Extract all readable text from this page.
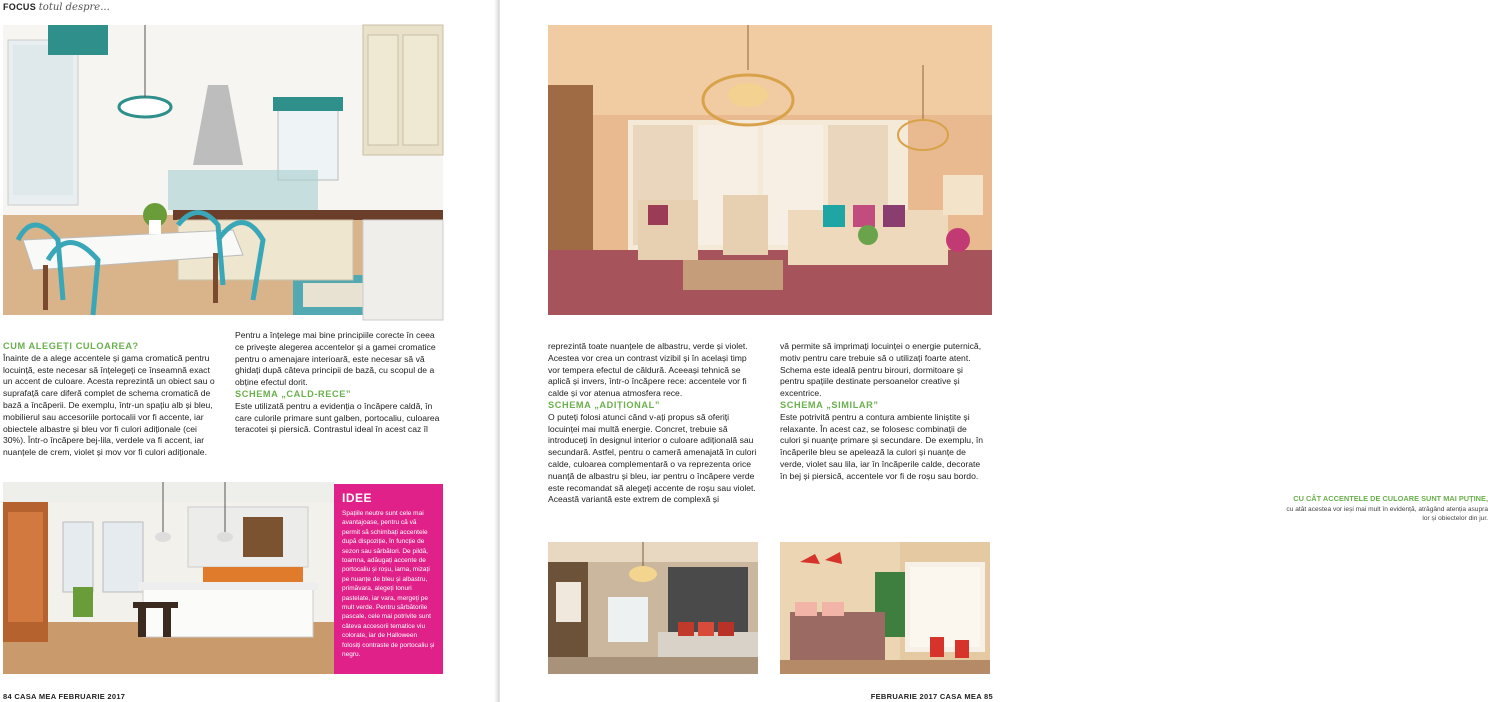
FOCUS totul despre...

CUM ALEGEȚI CULOAREA?

Înainte de a alege accentele și gama cromatică pentru locuință, este necesar să înțelegeți ce înseamnă exact un accent de culoare. Acesta reprezintă un obiect sau o suprafață care diferă complet de schema cromatică de bază a încăperii. De exemplu, într-un spațiu alb și bleu, mobilierul sau accesoriile portocalii vor fi accente, iar obiectele albastre și bleu vor fi culori adiționale (cei 30%). Într-o încăpere bej-lila, verdele va fi accent, iar nuanțele de crem, violet și mov vor fi culori adiționale.

Pentru a înțelege mai bine principiile corecte în ceea ce privește alegerea accentelor și a gamei cromatice pentru o amenajare interioară, este necesar să vă ghidați după câteva principii de bază, cu scopul de a obține efectul dorit.

SCHEMA „CALD-RECE”

Este utilizată pentru a evidenția o încăpere caldă, în care culorile primare sunt galben, portocaliu, culoarea teracotei și piersică. Contrastul ideal în acest caz îl

IDEE
Spațiile neutre sunt cele mai avantajoase, pentru că vă permit să schimbați accentele după dispoziție, în funcție de sezon sau sărbători. De pildă, toamna, adăugați accente de portocaliu și roșu, iarna, mizați pe nuanțe de bleu și albastru, primăvara, alegeți tonuri pastelate, iar vara, mergeți pe mult verde. Pentru sărbătorile pascale, cele mai potrivite sunt câteva accesorii tematice viu colorate, iar de Halloween folosiți contraste de portocaliu și negru.
84 CASA MEA FEBRUARIE 2017

reprezintă toate nuanțele de albastru, verde și violet. Acestea vor crea un contrast vizibil și în același timp vor tempera efectul de căldură. Aceeași tehnică se aplică și invers, într-o încăpere rece: accentele vor fi calde și vor atenua atmosfera rece.

SCHEMA „ADIȚIONAL”

O puteți folosi atunci când v-ați propus să oferiți locuinței mai multă energie. Concret, trebuie să introduceți în designul interior o culoare adițională sau secundară. Astfel, pentru o cameră amenajată în culori calde, culoarea complementară o va reprezenta orice nuanță de albastru și bleu, iar pentru o încăpere verde este recomandat să alegeți accente de roșu sau violet. Această variantă este extrem de complexă și

vă permite să imprimați locuinței o energie puternică, motiv pentru care trebuie să o utilizați foarte atent. Schema este ideală pentru birouri, dormitoare și pentru spațiile destinate persoanelor creative și excentrice.

SCHEMA „SIMILAR”

Este potrivită pentru a contura ambiente liniștite și relaxante. În acest caz, se folosesc combinații de culori și nuanțe primare și secundare. De exemplu, în încăperile bleu se apelează la culori și nuanțe de verde, violet sau lila, iar în încăperile calde, decorate în bej și piersică, accentele vor fi de roșu sau bordo.

CU CÂT ACCENTELE DE CULOARE SUNT MAI PUȚINE,
cu atât acestea vor ieși mai mult în evidență, atrăgând atenția asupra lor și obiectelor din jur.
FEBRUARIE 2017 CASA MEA 85
